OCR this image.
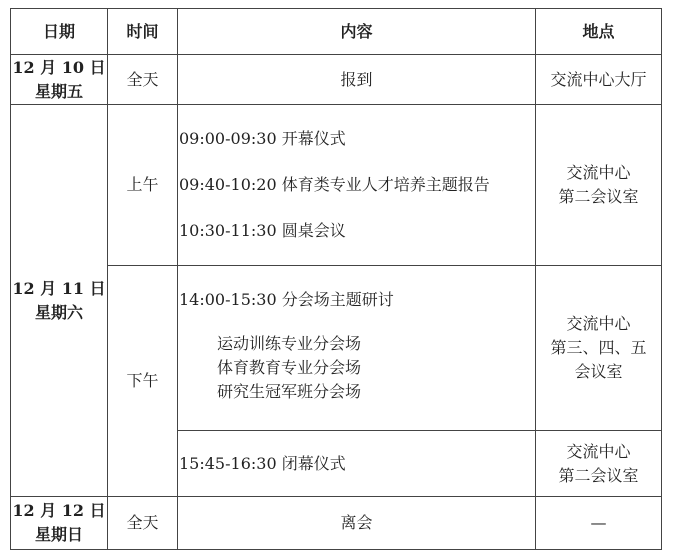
日期	时间	内容	地点

12 月 10 日
星期五	全天	报到	交流中心大厅

12 月 11 日
星期六	上午	09:00-09:30 开幕仪式
09:40-10:20 体育类专业人才培养主题报告
10:30-11:30 圆桌会议	交流中心
第二会议室

	下午	14:00-15:30 分会场主题研讨
运动训练专业分会场
体育教育专业分会场
研究生冠军班分会场	交流中心
第三、四、五
会议室

		15:45-16:30 闭幕仪式	交流中心
第二会议室

12 月 12 日
星期日	全天	离会	—
